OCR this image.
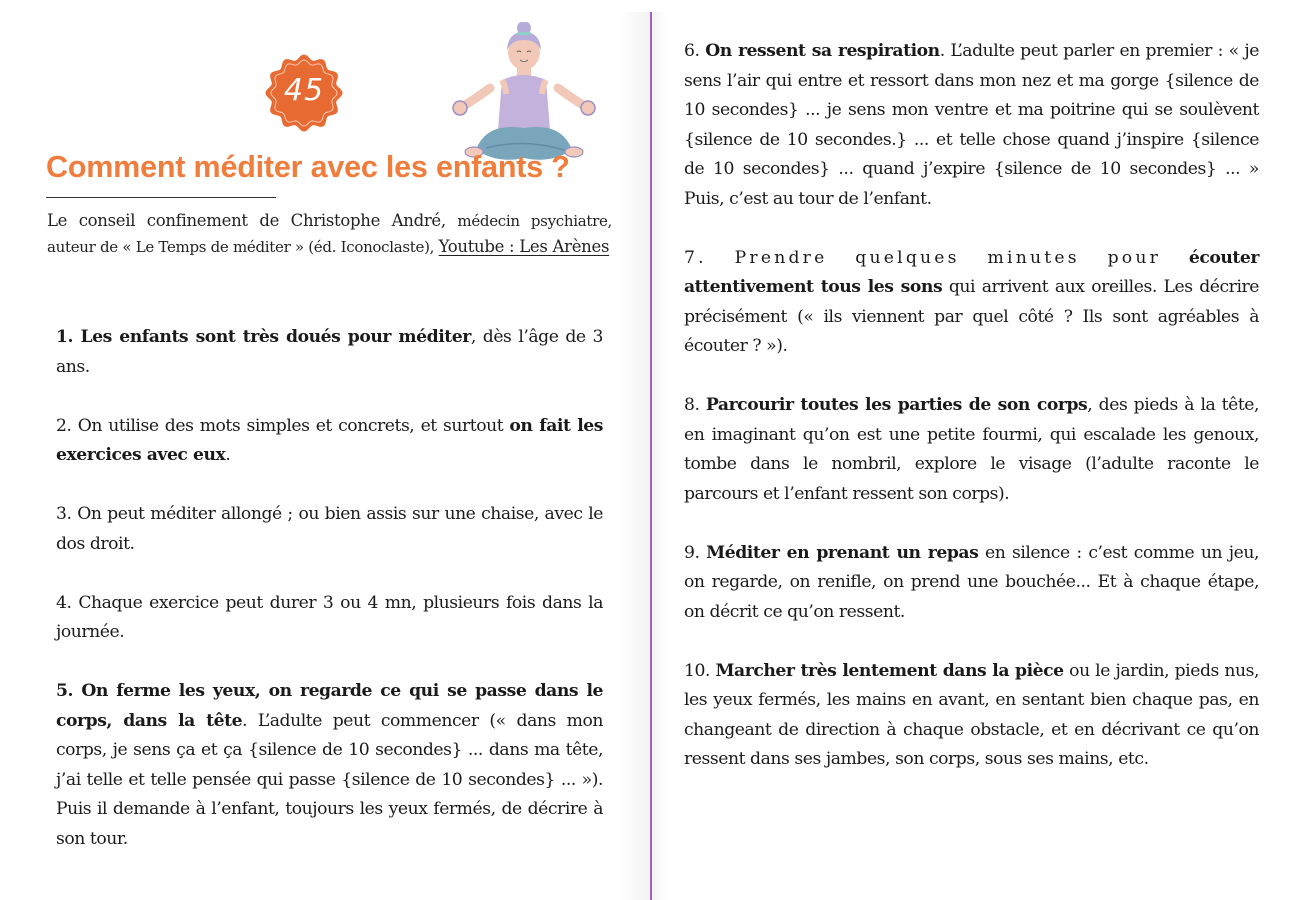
45
Comment méditer avec les enfants ?
Le conseil confinement de Christophe André, médecin psychiatre, auteur de « Le Temps de méditer » (éd. Iconoclaste), Youtube : Les Arènes

1. Les enfants sont très doués pour méditer, dès l’âge de 3 ans.

2. On utilise des mots simples et concrets, et surtout on fait les exercices avec eux.

3. On peut méditer allongé ; ou bien assis sur une chaise, avec le dos droit.

4. Chaque exercice peut durer 3 ou 4 mn, plusieurs fois dans la journée.

5. On ferme les yeux, on regarde ce qui se passe dans le corps, dans la tête. L’adulte peut commencer (« dans mon corps, je sens ça et ça {silence de 10 secondes} ... dans ma tête, j’ai telle et telle pensée qui passe {silence de 10 secondes} ... »). Puis il demande à l’enfant, toujours les yeux fermés, de décrire à son tour.

6. On ressent sa respiration. L’adulte peut parler en premier : « je sens l’air qui entre et ressort dans mon nez et ma gorge {silence de 10 secondes} ... je sens mon ventre et ma poitrine qui se soulèvent {silence de 10 secondes.} ... et telle chose quand j’inspire {silence de 10 secondes} ... quand j’expire {silence de 10 secondes} ... » Puis, c’est au tour de l’enfant.

7. Prendre quelques minutes pour écouter attentivement tous les sons qui arrivent aux oreilles. Les décrire précisément (« ils viennent par quel côté ? Ils sont agréables à écouter ? »).

8. Parcourir toutes les parties de son corps, des pieds à la tête, en imaginant qu’on est une petite fourmi, qui escalade les genoux, tombe dans le nombril, explore le visage (l’adulte raconte le parcours et l’enfant ressent son corps).

9. Méditer en prenant un repas en silence : c’est comme un jeu, on regarde, on renifle, on prend une bouchée... Et à chaque étape, on décrit ce qu’on ressent.

10. Marcher très lentement dans la pièce ou le jardin, pieds nus, les yeux fermés, les mains en avant, en sentant bien chaque pas, en changeant de direction à chaque obstacle, et en décrivant ce qu’on ressent dans ses jambes, son corps, sous ses mains, etc.
